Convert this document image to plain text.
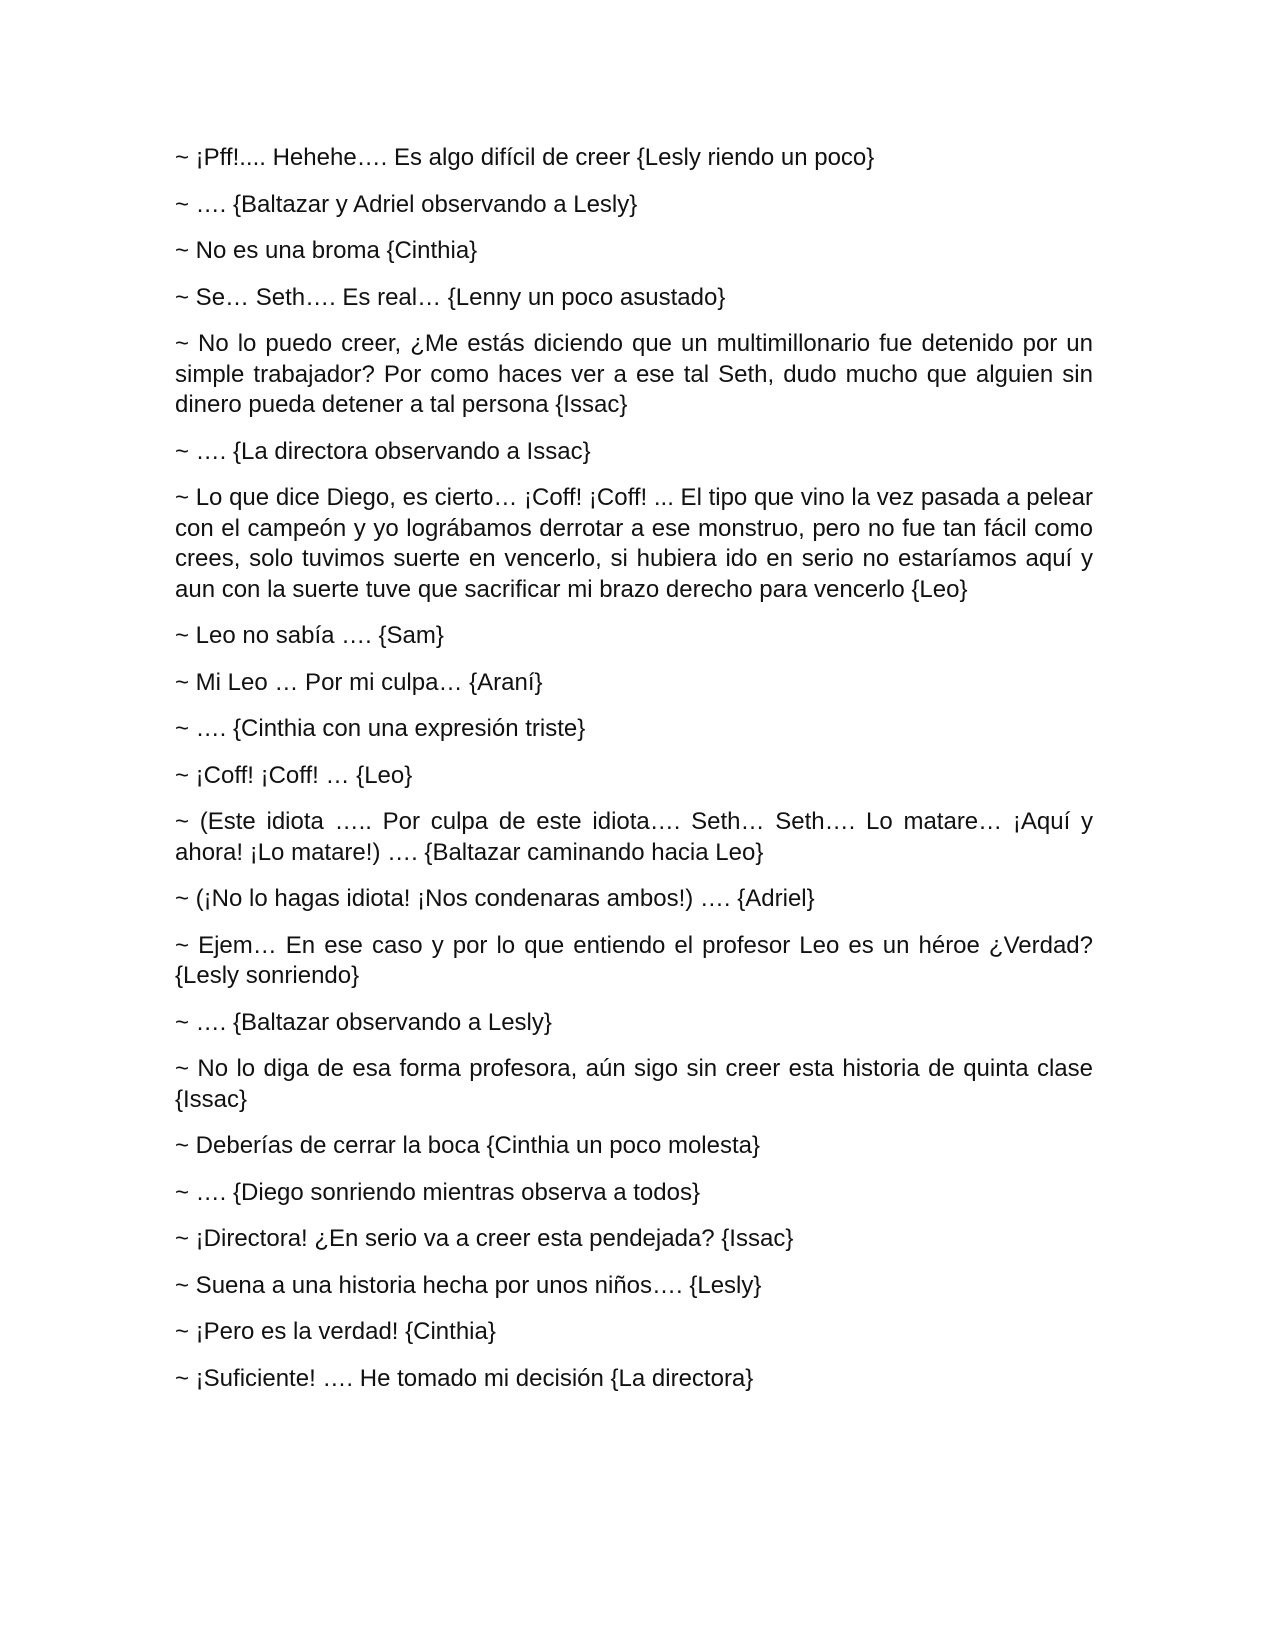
~ ¡Pff!.... Hehehe…. Es algo difícil de creer {Lesly riendo un poco}

~ …. {Baltazar y Adriel observando a Lesly}

~ No es una broma {Cinthia}

~ Se… Seth…. Es real… {Lenny un poco asustado}

~ No lo puedo creer, ¿Me estás diciendo que un multimillonario fue detenido por un simple trabajador? Por como haces ver a ese tal Seth, dudo mucho que alguien sin dinero pueda detener a tal persona {Issac}

~ …. {La directora observando a Issac}

~ Lo que dice Diego, es cierto… ¡Coff! ¡Coff! ... El tipo que vino la vez pasada a pelear con el campeón y yo lográbamos derrotar a ese monstruo, pero no fue tan fácil como crees, solo tuvimos suerte en vencerlo, si hubiera ido en serio no estaríamos aquí y aun con la suerte tuve que sacrificar mi brazo derecho para vencerlo {Leo}

~ Leo no sabía …. {Sam}

~ Mi Leo … Por mi culpa… {Araní}

~ …. {Cinthia con una expresión triste}

~ ¡Coff! ¡Coff! … {Leo}

~ (Este idiota ….. Por culpa de este idiota…. Seth… Seth…. Lo matare… ¡Aquí y ahora! ¡Lo matare!) …. {Baltazar caminando hacia Leo}

~ (¡No lo hagas idiota! ¡Nos condenaras ambos!) …. {Adriel}

~ Ejem… En ese caso y por lo que entiendo el profesor Leo es un héroe ¿Verdad? {Lesly sonriendo}

~ …. {Baltazar observando a Lesly}

~ No lo diga de esa forma profesora, aún sigo sin creer esta historia de quinta clase {Issac}

~ Deberías de cerrar la boca {Cinthia un poco molesta}

~ …. {Diego sonriendo mientras observa a todos}

~ ¡Directora! ¿En serio va a creer esta pendejada? {Issac}

~ Suena a una historia hecha por unos niños…. {Lesly}

~ ¡Pero es la verdad! {Cinthia}

~ ¡Suficiente! …. He tomado mi decisión {La directora}
